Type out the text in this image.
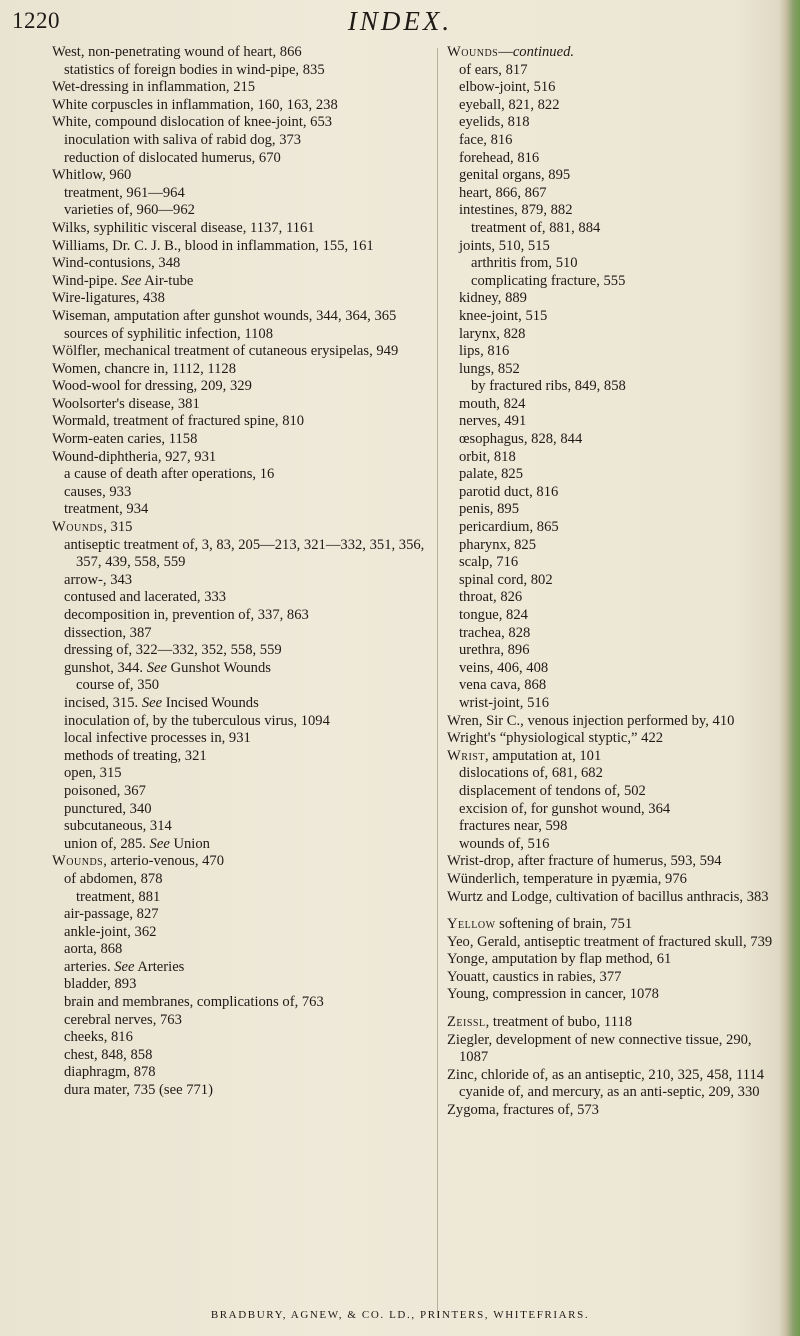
1220	INDEX.

West, non-penetrating wound of heart, 866

statistics of foreign bodies in wind-pipe, 835

Wet-dressing in inflammation, 215

White corpuscles in inflammation, 160, 163, 238

White, compound dislocation of knee-joint, 653

inoculation with saliva of rabid dog, 373

reduction of dislocated humerus, 670

Whitlow, 960

treatment, 961—964

varieties of, 960—962

Wilks, syphilitic visceral disease, 1137, 1161

Williams, Dr. C. J. B., blood in inflammation, 155, 161

Wind-contusions, 348

Wind-pipe. See Air-tube

Wire-ligatures, 438

Wiseman, amputation after gunshot wounds, 344, 364, 365

sources of syphilitic infection, 1108

Wölfler, mechanical treatment of cutaneous erysipelas, 949

Women, chancre in, 1112, 1128

Wood-wool for dressing, 209, 329

Woolsorter's disease, 381

Wormald, treatment of fractured spine, 810

Worm-eaten caries, 1158

Wound-diphtheria, 927, 931

a cause of death after operations, 16

causes, 933

treatment, 934

Wounds, 315

antiseptic treatment of, 3, 83, 205—213, 321—332, 351, 356, 357, 439, 558, 559

arrow-, 343

contused and lacerated, 333

decomposition in, prevention of, 337, 863

dissection, 387

dressing of, 322—332, 352, 558, 559

gunshot, 344. See Gunshot Wounds

course of, 350

incised, 315. See Incised Wounds

inoculation of, by the tuberculous virus, 1094

local infective processes in, 931

methods of treating, 321

open, 315

poisoned, 367

punctured, 340

subcutaneous, 314

union of, 285. See Union

Wounds, arterio-venous, 470

of abdomen, 878

treatment, 881

air-passage, 827

ankle-joint, 362

aorta, 868

arteries. See Arteries

bladder, 893

brain and membranes, complications of, 763

cerebral nerves, 763

cheeks, 816

chest, 848, 858

diaphragm, 878

dura mater, 735 (see 771)

Wounds—continued.

of ears, 817

elbow-joint, 516

eyeball, 821, 822

eyelids, 818

face, 816

forehead, 816

genital organs, 895

heart, 866, 867

intestines, 879, 882

treatment of, 881, 884

joints, 510, 515

arthritis from, 510

complicating fracture, 555

kidney, 889

knee-joint, 515

larynx, 828

lips, 816

lungs, 852

by fractured ribs, 849, 858

mouth, 824

nerves, 491

œsophagus, 828, 844

orbit, 818

palate, 825

parotid duct, 816

penis, 895

pericardium, 865

pharynx, 825

scalp, 716

spinal cord, 802

throat, 826

tongue, 824

trachea, 828

urethra, 896

veins, 406, 408

vena cava, 868

wrist-joint, 516

Wren, Sir C., venous injection performed by, 410

Wright's “physiological styptic,” 422

Wrist, amputation at, 101

dislocations of, 681, 682

displacement of tendons of, 502

excision of, for gunshot wound, 364

fractures near, 598

wounds of, 516

Wrist-drop, after fracture of humerus, 593, 594

Wünderlich, temperature in pyæmia, 976

Wurtz and Lodge, cultivation of bacillus anthracis, 383

Yellow softening of brain, 751

Yeo, Gerald, antiseptic treatment of fractured skull, 739

Yonge, amputation by flap method, 61

Youatt, caustics in rabies, 377

Young, compression in cancer, 1078

Zeissl, treatment of bubo, 1118

Ziegler, development of new connective tissue, 290, 1087

Zinc, chloride of, as an antiseptic, 210, 325, 458, 1114

cyanide of, and mercury, as an anti-septic, 209, 330

Zygoma, fractures of, 573

BRADBURY, AGNEW, & CO. LD., PRINTERS, WHITEFRIARS.
